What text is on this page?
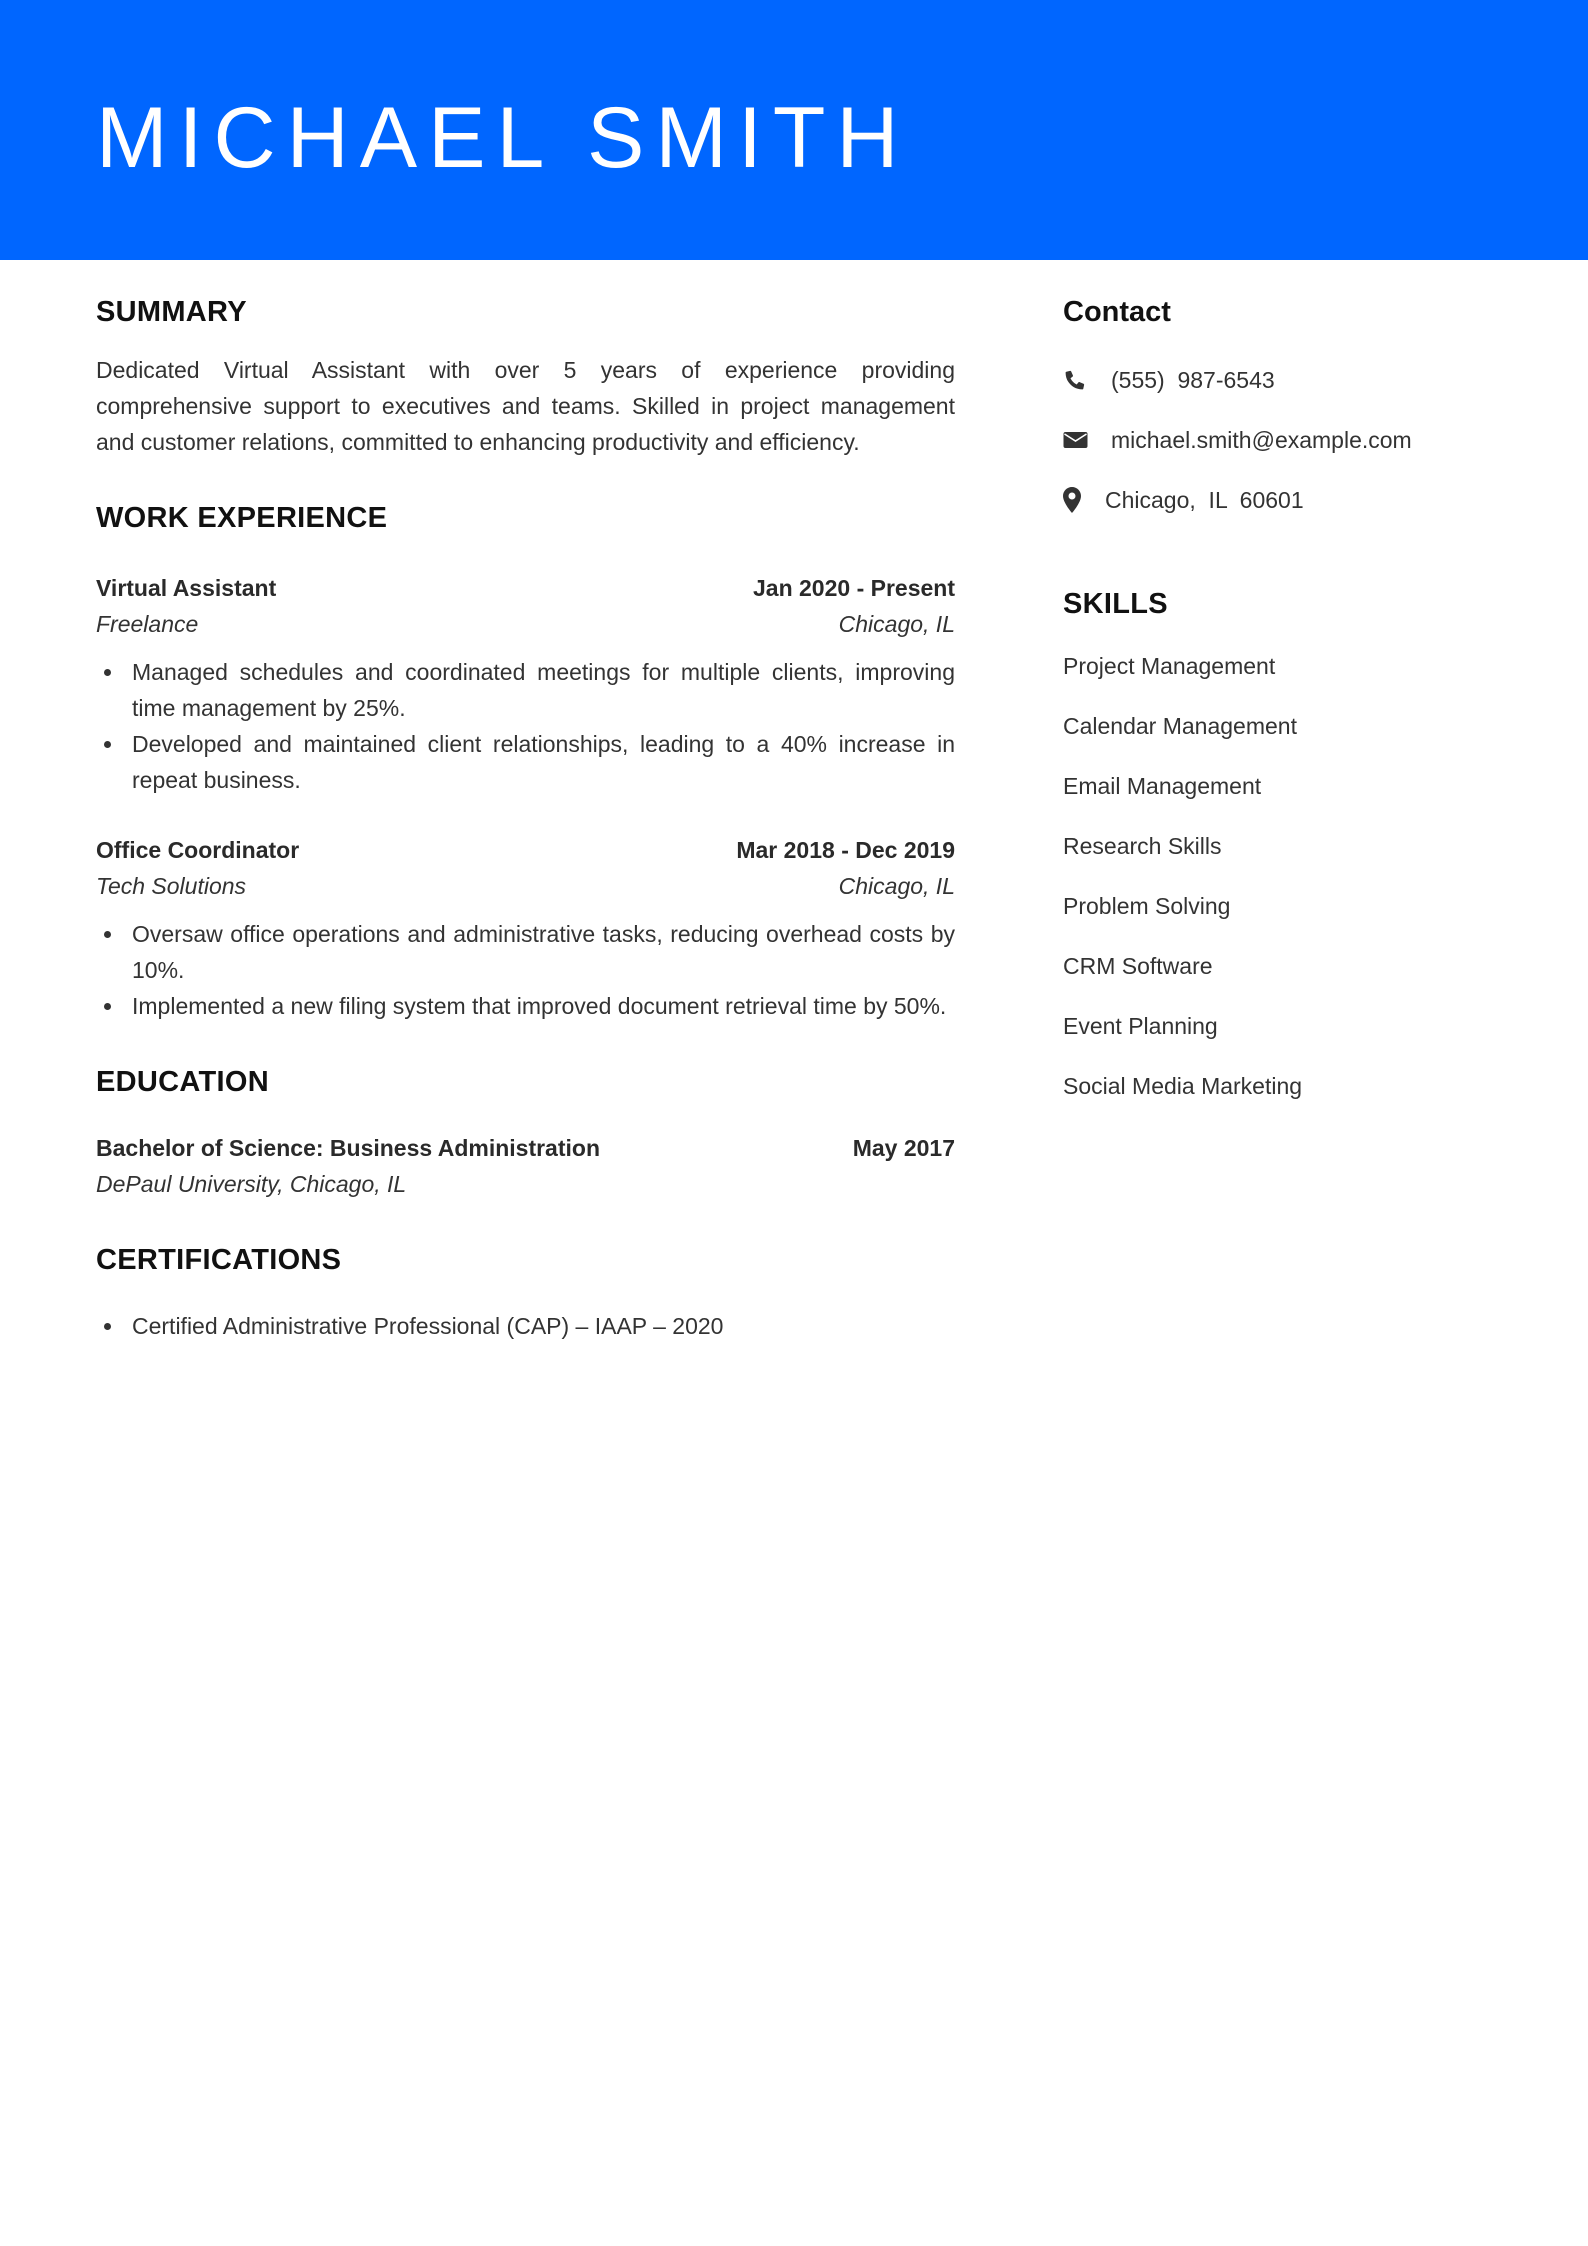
MICHAEL SMITH
SUMMARY

Dedicated Virtual Assistant with over 5 years of experience providing comprehensive support to executives and teams. Skilled in project management and customer relations, committed to enhancing productivity and efficiency.

WORK EXPERIENCE
Virtual Assistant	Jan 2020 - Present
Freelance	Chicago, IL
Managed schedules and coordinated meetings for multiple clients, improving time management by 25%.
Developed and maintained client relationships, leading to a 40% increase in repeat business.
Office Coordinator	Mar 2018 - Dec 2019
Tech Solutions	Chicago, IL
Oversaw office operations and administrative tasks, reducing overhead costs by 10%.
Implemented a new filing system that improved document retrieval time by 50%.
EDUCATION
Bachelor of Science: Business Administration	May 2017
DePaul University, Chicago, IL
CERTIFICATIONS
Certified Administrative Professional (CAP) – IAAP – 2020
Contact
(555)  987-6543
michael.smith@example.com
Chicago,  IL  60601
SKILLS
Project Management
Calendar Management
Email Management
Research Skills
Problem Solving
CRM Software
Event Planning
Social Media Marketing
